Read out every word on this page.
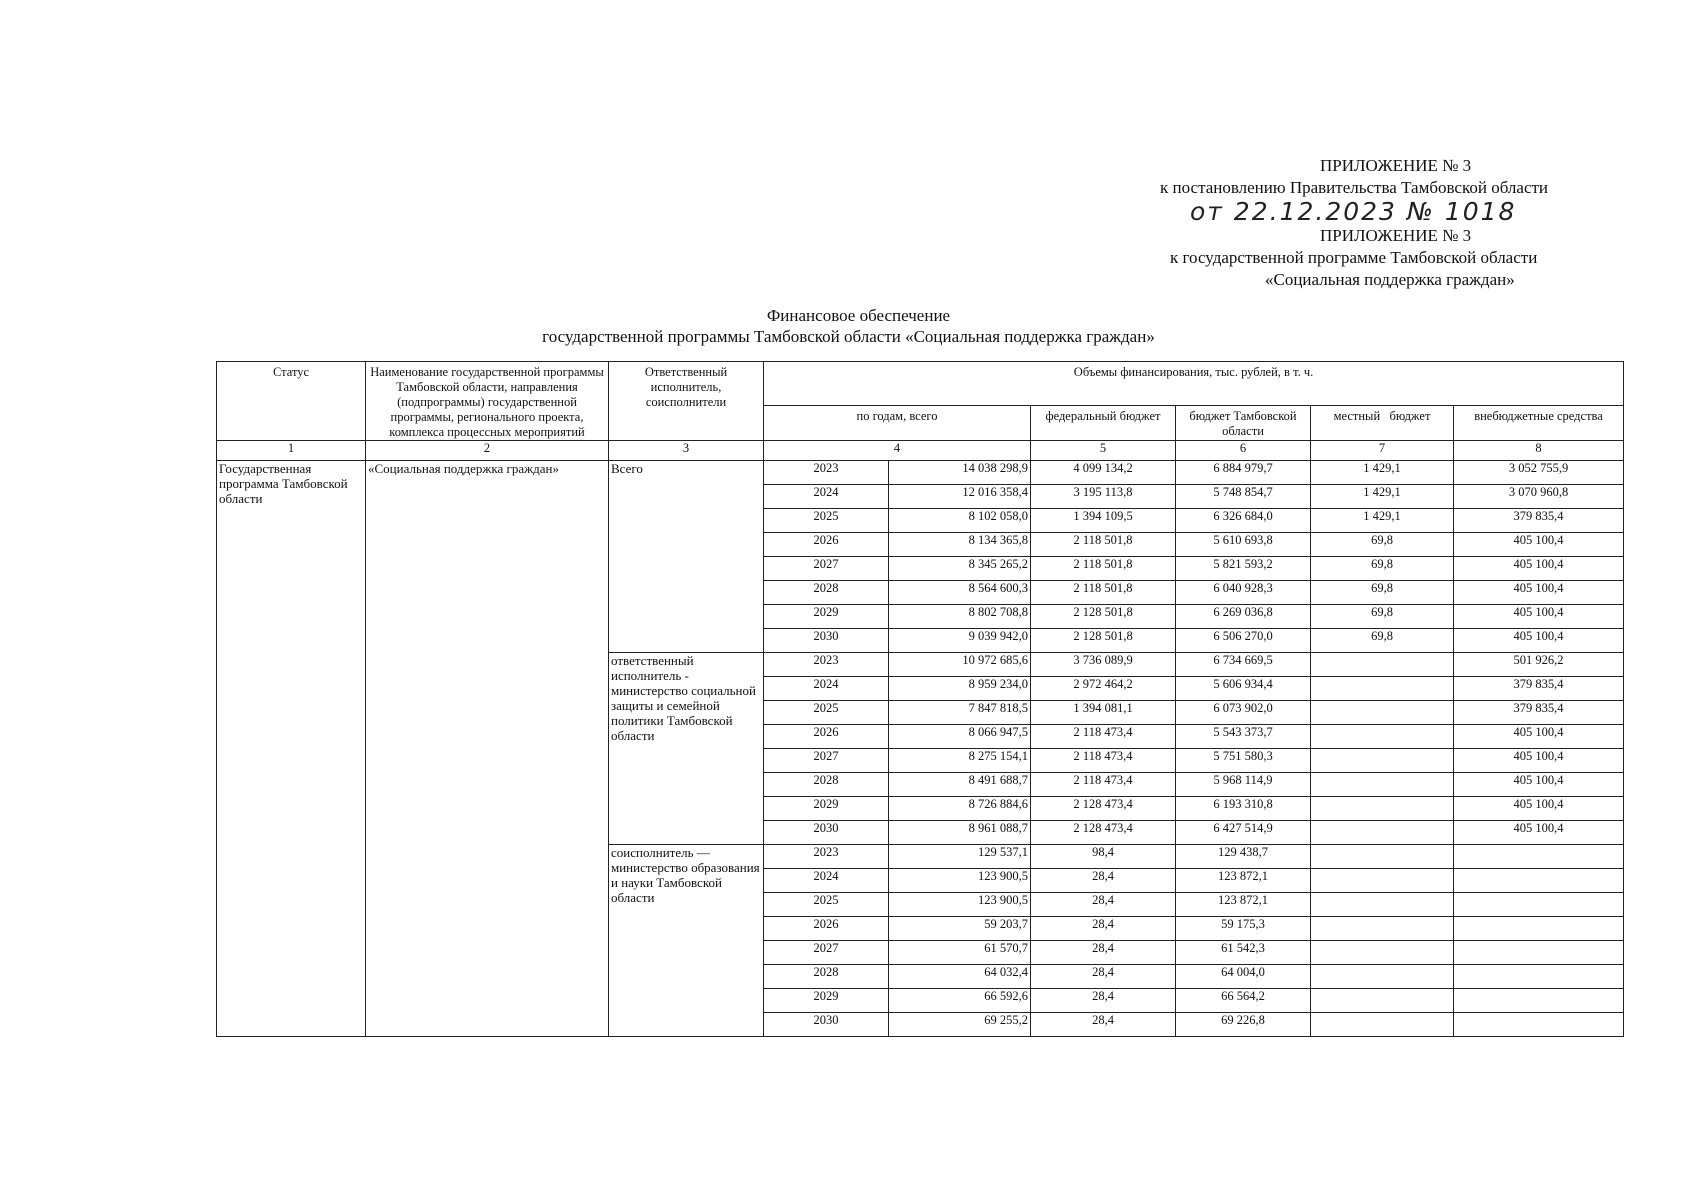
ПРИЛОЖЕНИЕ № 3
к постановлению Правительства Тамбовской области
от 22.12.2023 № 1018
ПРИЛОЖЕНИЕ № 3
к государственной программе Тамбовской области
«Социальная поддержка граждан»
Финансовое обеспечение
государственной программы Тамбовской области «Социальная поддержка граждан»
Статус	Наименование государственной программы Тамбовской области, направления (подпрограммы) государственной программы, регионального проекта, комплекса процессных мероприятий	Ответственный исполнитель, соисполнители	Объемы финансирования, тыс. рублей, в т. ч.					
			по годам, всего		федеральный бюджет	бюджет Тамбовской области	местный   бюджет	внебюджетные средства
1	2	3	4		5	6	7	8
Государственная программа Тамбовской области	«Социальная поддержка граждан»	Всего	2023	14 038 298,9	4 099 134,2	6 884 979,7	1 429,1	3 052 755,9
			2024	12 016 358,4	3 195 113,8	5 748 854,7	1 429,1	3 070 960,8
			2025	8 102 058,0	1 394 109,5	6 326 684,0	1 429,1	379 835,4
			2026	8 134 365,8	2 118 501,8	5 610 693,8	69,8	405 100,4
			2027	8 345 265,2	2 118 501,8	5 821 593,2	69,8	405 100,4
			2028	8 564 600,3	2 118 501,8	6 040 928,3	69,8	405 100,4
			2029	8 802 708,8	2 128 501,8	6 269 036,8	69,8	405 100,4
			2030	9 039 942,0	2 128 501,8	6 506 270,0	69,8	405 100,4
		ответственный исполнитель - министерство социальной защиты и семейной политики Тамбовской области	2023	10 972 685,6	3 736 089,9	6 734 669,5		501 926,2
			2024	8 959 234,0	2 972 464,2	5 606 934,4		379 835,4
			2025	7 847 818,5	1 394 081,1	6 073 902,0		379 835,4
			2026	8 066 947,5	2 118 473,4	5 543 373,7		405 100,4
			2027	8 275 154,1	2 118 473,4	5 751 580,3		405 100,4
			2028	8 491 688,7	2 118 473,4	5 968 114,9		405 100,4
			2029	8 726 884,6	2 128 473,4	6 193 310,8		405 100,4
			2030	8 961 088,7	2 128 473,4	6 427 514,9		405 100,4
		соисполнитель — министерство образования и науки Тамбовской области	2023	129 537,1	98,4	129 438,7		
			2024	123 900,5	28,4	123 872,1		
			2025	123 900,5	28,4	123 872,1		
			2026	59 203,7	28,4	59 175,3		
			2027	61 570,7	28,4	61 542,3		
			2028	64 032,4	28,4	64 004,0		
			2029	66 592,6	28,4	66 564,2		
			2030	69 255,2	28,4	69 226,8		
